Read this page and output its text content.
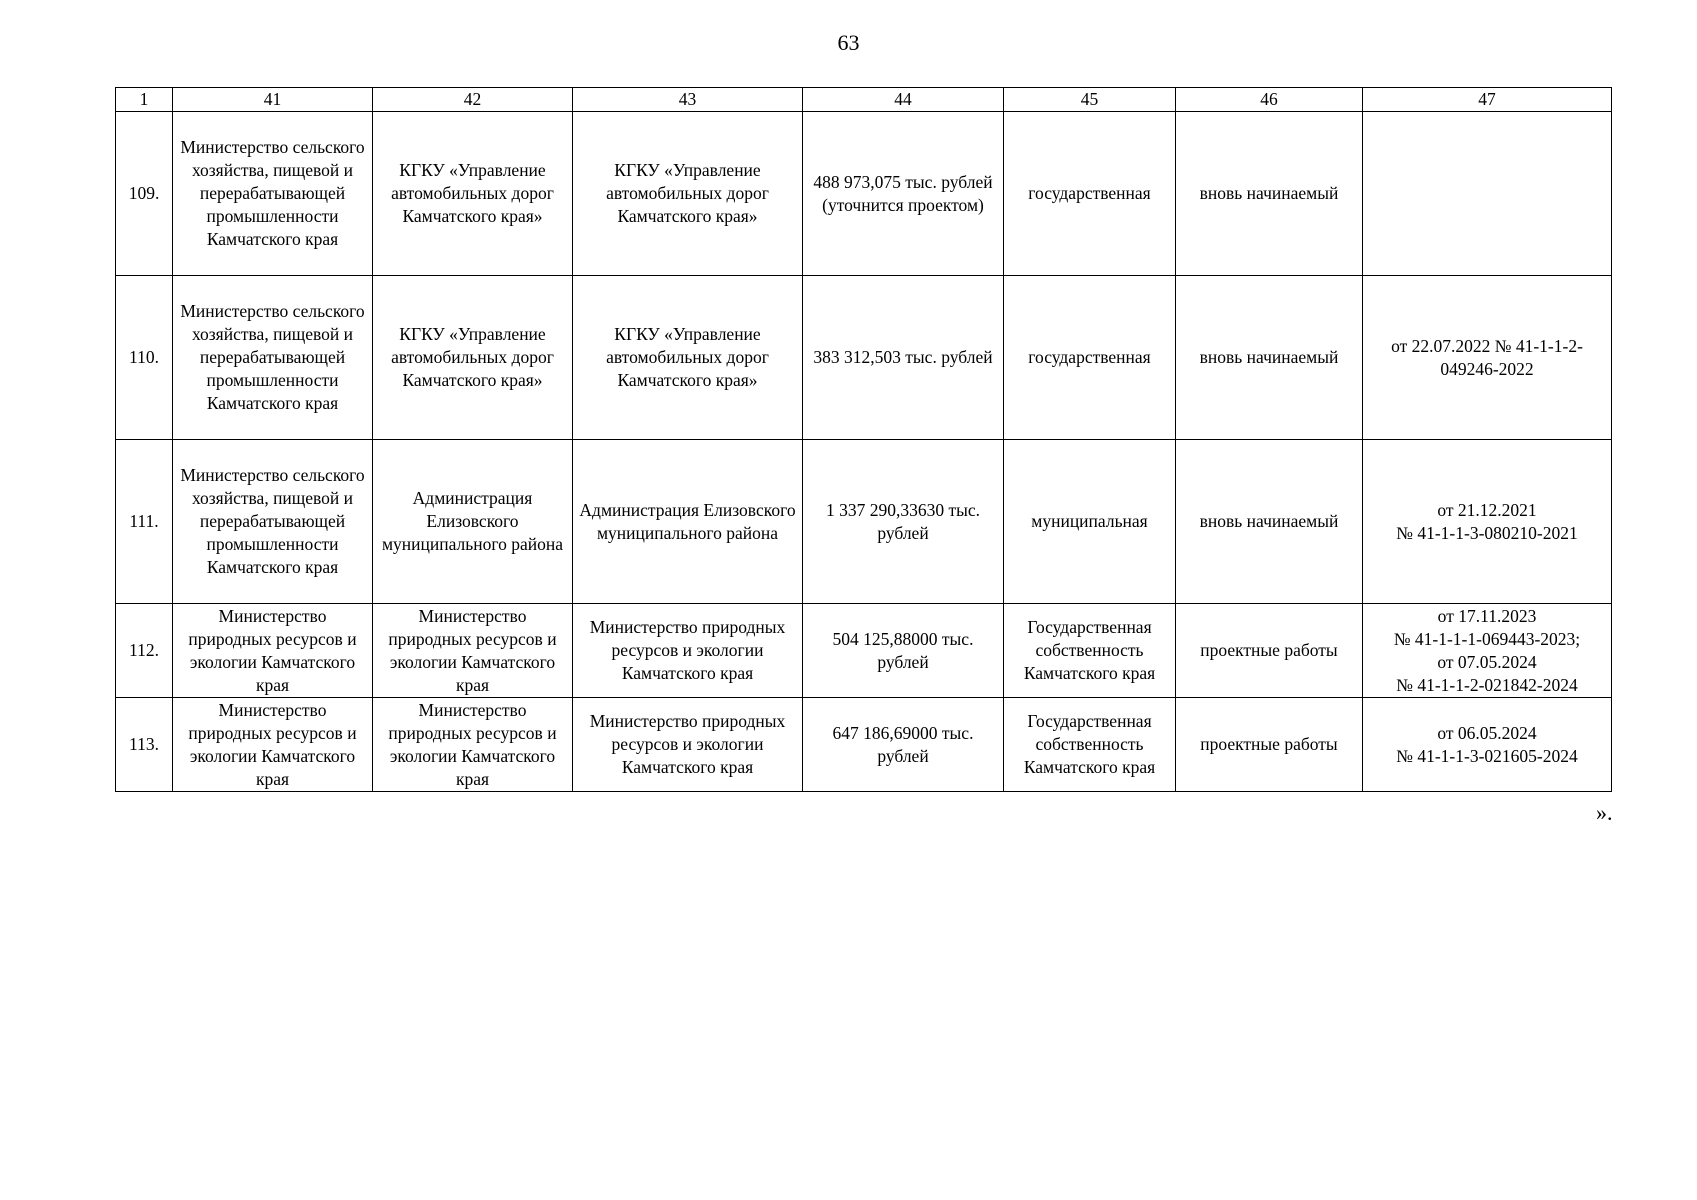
63
1	41	42	43	44	45	46	47
109.	Министерство сельского хозяйства, пищевой и перерабатывающей промышленности Камчатского края	КГКУ «Управление автомобильных дорог Камчатского края»	КГКУ «Управление автомобильных дорог Камчатского края»	488 973,075 тыс. рублей (уточнится проектом)	государственная	вновь начинаемый	
110.	Министерство сельского хозяйства, пищевой и перерабатывающей промышленности Камчатского края	КГКУ «Управление автомобильных дорог Камчатского края»	КГКУ «Управление автомобильных дорог Камчатского края»	383 312,503 тыс. рублей	государственная	вновь начинаемый	от 22.07.2022 № 41-1-1-2-049246-2022
111.	Министерство сельского хозяйства, пищевой и перерабатывающей промышленности Камчатского края	Администрация Елизовского муниципального района	Администрация Елизовского муниципального района	1 337 290,33630 тыс. рублей	муниципальная	вновь начинаемый	от 21.12.2021
№ 41-1-1-3-080210-2021

112.	Министерство природных ресурсов и экологии Камчатского края	Министерство природных ресурсов и экологии Камчатского края	Министерство природных ресурсов и экологии Камчатского края	504 125,88000 тыс. рублей	Государственная собственность Камчатского края	проектные работы	от 17.11.2023
№ 41-1-1-1-069443-2023;
от 07.05.2024
№ 41-1-1-2-021842-2024

113.	Министерство природных ресурсов и экологии Камчатского края	Министерство природных ресурсов и экологии Камчатского края	Министерство природных ресурсов и экологии Камчатского края	647 186,69000 тыс. рублей	Государственная собственность Камчатского края	проектные работы	от 06.05.2024
№ 41-1-1-3-021605-2024
».
